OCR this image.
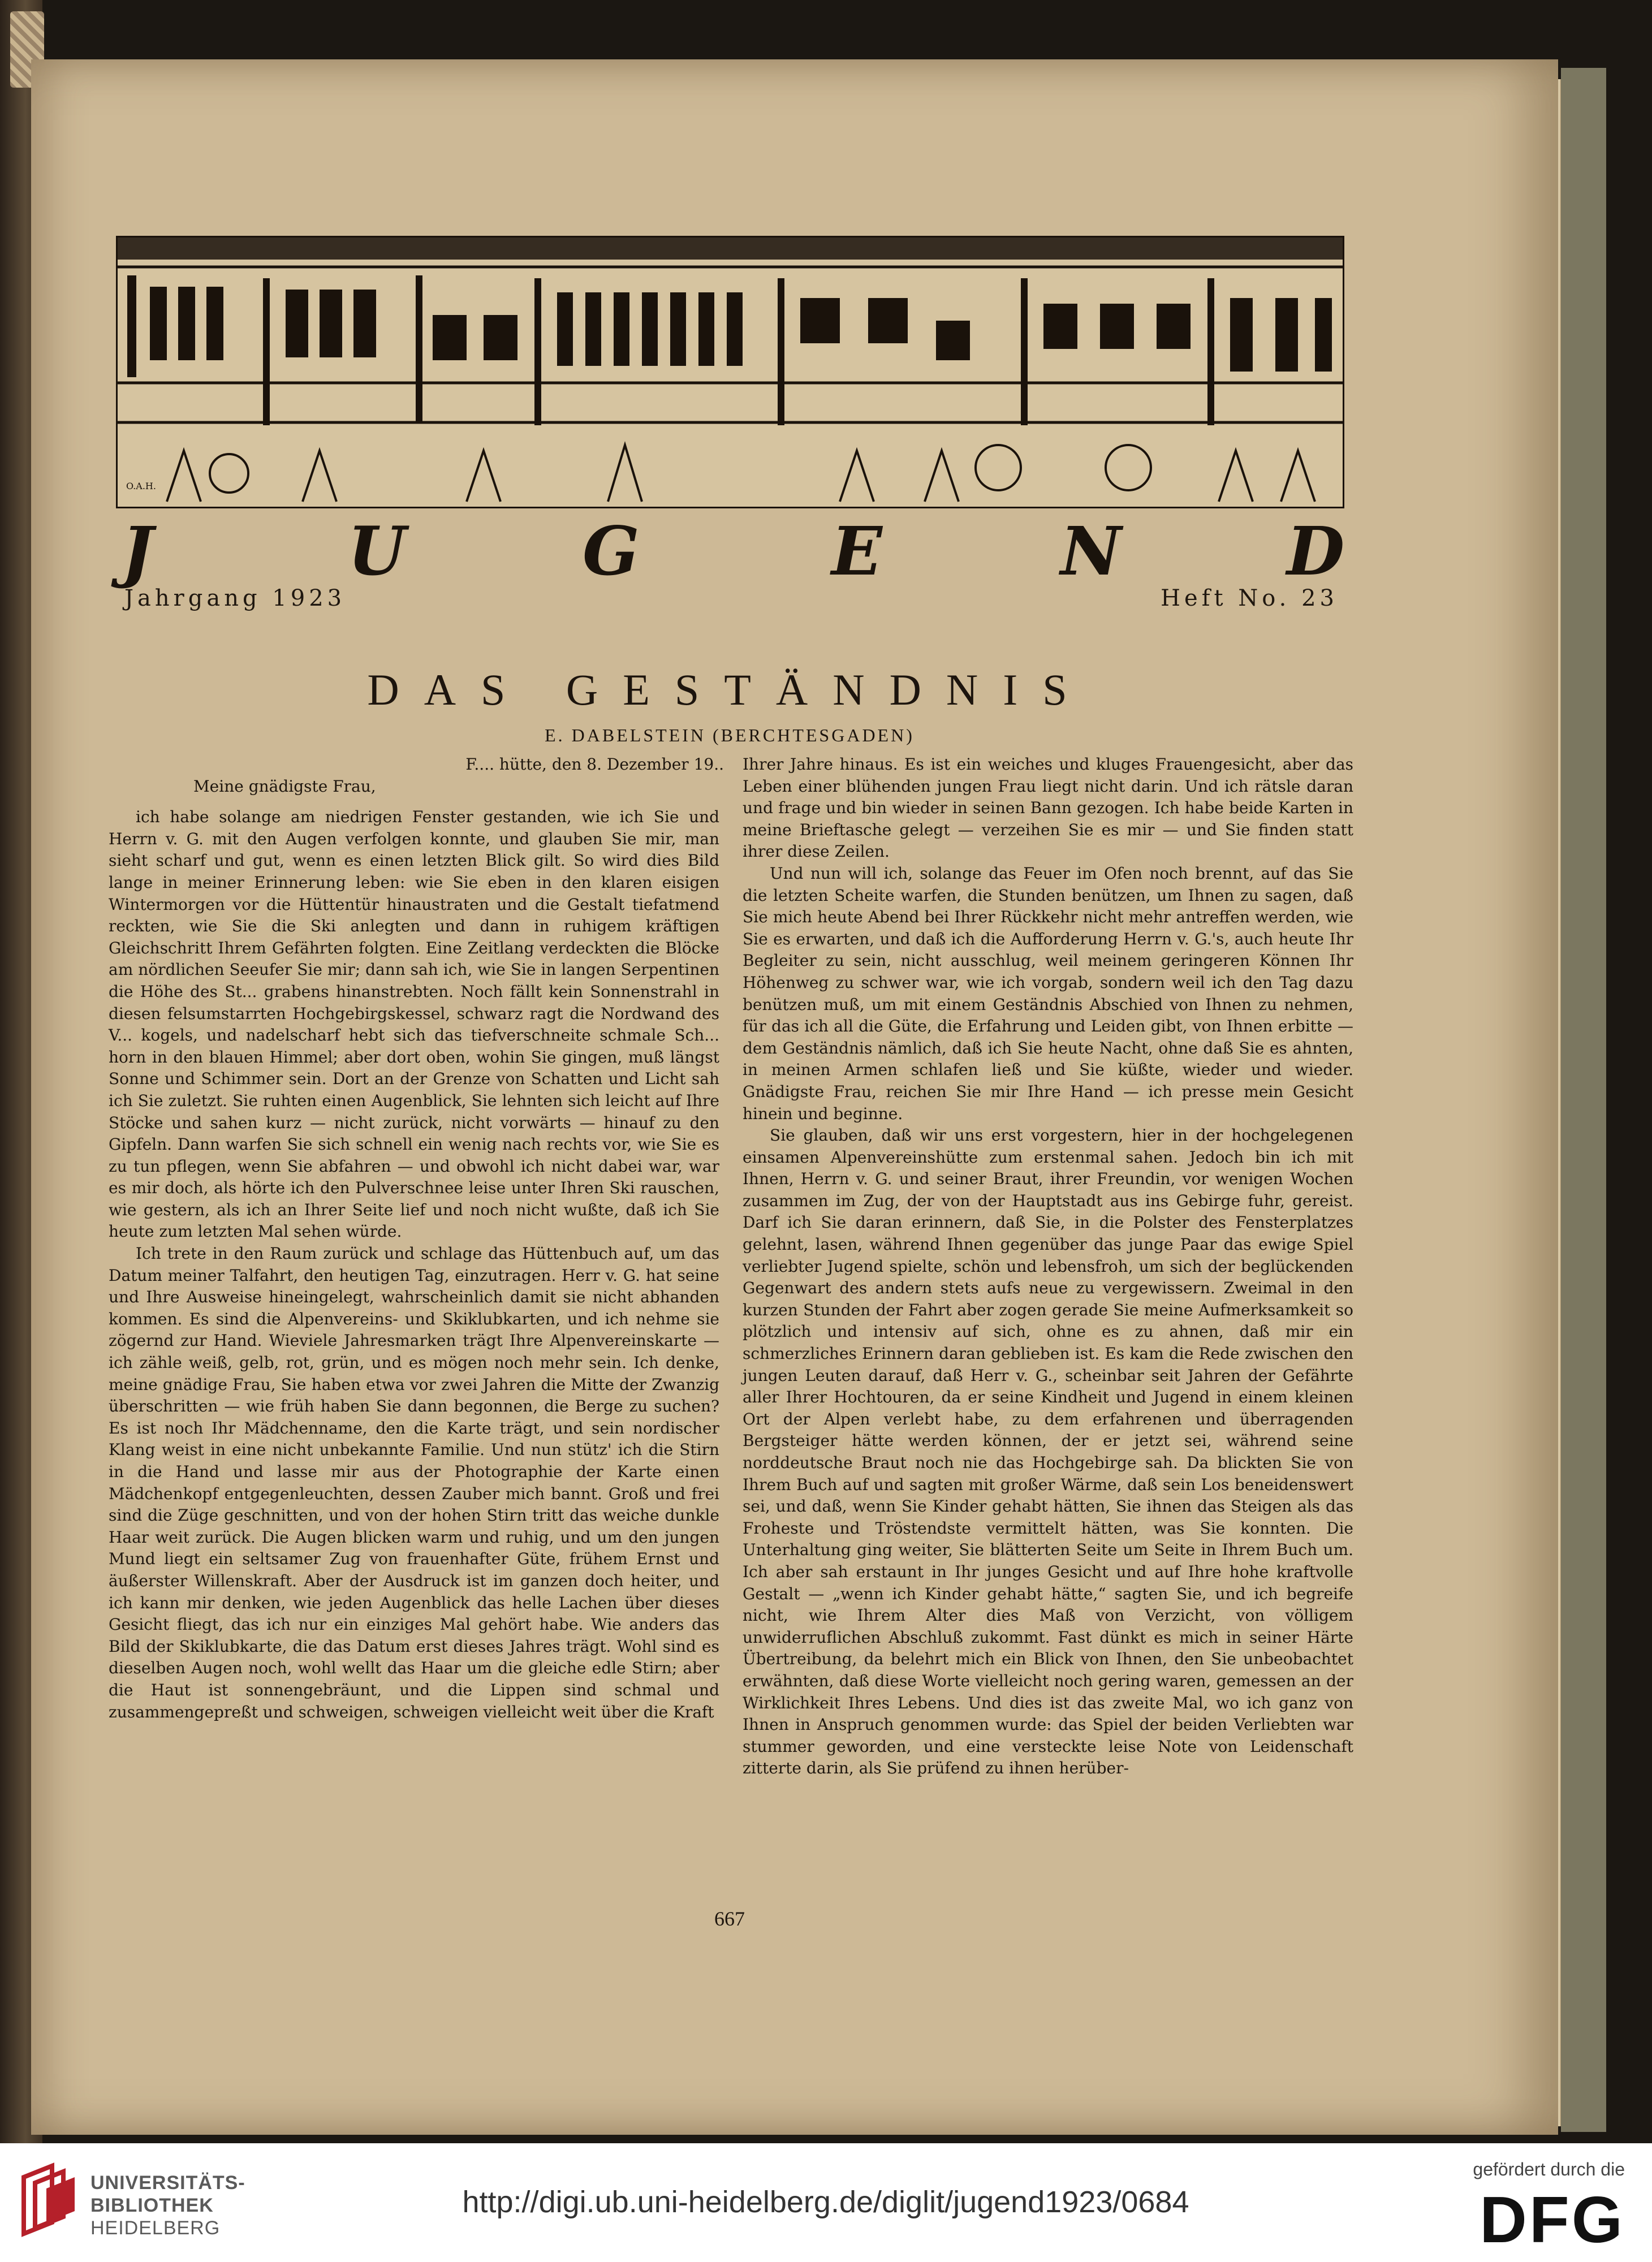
O.A.H.
J	U	G	E	N D
Jahrgang 1923	Heft No. 23
DAS GESTÄNDNIS
E. DABELSTEIN (BERCHTESGADEN)

F.... hütte, den 8. Dezember 19..

Meine gnädigste Frau,

ich habe solange am niedrigen Fenster gestanden, wie ich Sie und Herrn v. G. mit den Augen verfolgen konnte, und glauben Sie mir, man sieht scharf und gut, wenn es einen letzten Blick gilt. So wird dies Bild lange in meiner Erinnerung leben: wie Sie eben in den klaren eisigen Wintermorgen vor die Hüttentür hinaustraten und die Gestalt tiefatmend reckten, wie Sie die Ski anlegten und dann in ruhigem kräftigen Gleichschritt Ihrem Gefährten folgten. Eine Zeitlang verdeckten die Blöcke am nördlichen Seeufer Sie mir; dann sah ich, wie Sie in langen Serpentinen die Höhe des St... grabens hinanstrebten. Noch fällt kein Sonnenstrahl in diesen felsumstarrten Hochgebirgskessel, schwarz ragt die Nordwand des V... kogels, und nadelscharf hebt sich das tiefverschneite schmale Sch... horn in den blauen Himmel; aber dort oben, wohin Sie gingen, muß längst Sonne und Schimmer sein. Dort an der Grenze von Schatten und Licht sah ich Sie zuletzt. Sie ruhten einen Augenblick, Sie lehnten sich leicht auf Ihre Stöcke und sahen kurz — nicht zurück, nicht vorwärts — hinauf zu den Gipfeln. Dann warfen Sie sich schnell ein wenig nach rechts vor, wie Sie es zu tun pflegen, wenn Sie abfahren — und obwohl ich nicht dabei war, war es mir doch, als hörte ich den Pulverschnee leise unter Ihren Ski rauschen, wie gestern, als ich an Ihrer Seite lief und noch nicht wußte, daß ich Sie heute zum letzten Mal sehen würde.

Ich trete in den Raum zurück und schlage das Hüttenbuch auf, um das Datum meiner Talfahrt, den heutigen Tag, einzutragen. Herr v. G. hat seine und Ihre Ausweise hineingelegt, wahrscheinlich damit sie nicht abhanden kommen. Es sind die Alpenvereins- und Skiklubkarten, und ich nehme sie zögernd zur Hand. Wieviele Jahresmarken trägt Ihre Alpenvereinskarte — ich zähle weiß, gelb, rot, grün, und es mögen noch mehr sein. Ich denke, meine gnädige Frau, Sie haben etwa vor zwei Jahren die Mitte der Zwanzig überschritten — wie früh haben Sie dann begonnen, die Berge zu suchen? Es ist noch Ihr Mädchenname, den die Karte trägt, und sein nordischer Klang weist in eine nicht unbekannte Familie. Und nun stütz' ich die Stirn in die Hand und lasse mir aus der Photographie der Karte einen Mädchenkopf entgegenleuchten, dessen Zauber mich bannt. Groß und frei sind die Züge geschnitten, und von der hohen Stirn tritt das weiche dunkle Haar weit zurück. Die Augen blicken warm und ruhig, und um den jungen Mund liegt ein seltsamer Zug von frauenhafter Güte, frühem Ernst und äußerster Willenskraft. Aber der Ausdruck ist im ganzen doch heiter, und ich kann mir denken, wie jeden Augenblick das helle Lachen über dieses Gesicht fliegt, das ich nur ein einziges Mal gehört habe. Wie anders das Bild der Skiklubkarte, die das Datum erst dieses Jahres trägt. Wohl sind es dieselben Augen noch, wohl wellt das Haar um die gleiche edle Stirn; aber die Haut ist sonnengebräunt, und die Lippen sind schmal und zusammengepreßt und schweigen, schweigen vielleicht weit über die Kraft

Ihrer Jahre hinaus. Es ist ein weiches und kluges Frauengesicht, aber das Leben einer blühenden jungen Frau liegt nicht darin. Und ich rätsle daran und frage und bin wieder in seinen Bann gezogen. Ich habe beide Karten in meine Brieftasche gelegt — verzeihen Sie es mir — und Sie finden statt ihrer diese Zeilen.

Und nun will ich, solange das Feuer im Ofen noch brennt, auf das Sie die letzten Scheite warfen, die Stunden benützen, um Ihnen zu sagen, daß Sie mich heute Abend bei Ihrer Rückkehr nicht mehr antreffen werden, wie Sie es erwarten, und daß ich die Aufforderung Herrn v. G.'s, auch heute Ihr Begleiter zu sein, nicht ausschlug, weil meinem geringeren Können Ihr Höhenweg zu schwer war, wie ich vorgab, sondern weil ich den Tag dazu benützen muß, um mit einem Geständnis Abschied von Ihnen zu nehmen, für das ich all die Güte, die Erfahrung und Leiden gibt, von Ihnen erbitte — dem Geständnis nämlich, daß ich Sie heute Nacht, ohne daß Sie es ahnten, in meinen Armen schlafen ließ und Sie küßte, wieder und wieder. Gnädigste Frau, reichen Sie mir Ihre Hand — ich presse mein Gesicht hinein und beginne.

Sie glauben, daß wir uns erst vorgestern, hier in der hochgelegenen einsamen Alpenvereinshütte zum erstenmal sahen. Jedoch bin ich mit Ihnen, Herrn v. G. und seiner Braut, ihrer Freundin, vor wenigen Wochen zusammen im Zug, der von der Hauptstadt aus ins Gebirge fuhr, gereist. Darf ich Sie daran erinnern, daß Sie, in die Polster des Fensterplatzes gelehnt, lasen, während Ihnen gegenüber das junge Paar das ewige Spiel verliebter Jugend spielte, schön und lebensfroh, um sich der beglückenden Gegenwart des andern stets aufs neue zu vergewissern. Zweimal in den kurzen Stunden der Fahrt aber zogen gerade Sie meine Aufmerksamkeit so plötzlich und intensiv auf sich, ohne es zu ahnen, daß mir ein schmerzliches Erinnern daran geblieben ist. Es kam die Rede zwischen den jungen Leuten darauf, daß Herr v. G., scheinbar seit Jahren der Gefährte aller Ihrer Hochtouren, da er seine Kindheit und Jugend in einem kleinen Ort der Alpen verlebt habe, zu dem erfahrenen und überragenden Bergsteiger hätte werden können, der er jetzt sei, während seine norddeutsche Braut noch nie das Hochgebirge sah. Da blickten Sie von Ihrem Buch auf und sagten mit großer Wärme, daß sein Los beneidenswert sei, und daß, wenn Sie Kinder gehabt hätten, Sie ihnen das Steigen als das Froheste und Tröstendste vermittelt hätten, was Sie konnten. Die Unterhaltung ging weiter, Sie blätterten Seite um Seite in Ihrem Buch um. Ich aber sah erstaunt in Ihr junges Gesicht und auf Ihre hohe kraftvolle Gestalt — „wenn ich Kinder gehabt hätte,“ sagten Sie, und ich begreife nicht, wie Ihrem Alter dies Maß von Verzicht, von völligem unwiderruflichen Abschluß zukommt. Fast dünkt es mich in seiner Härte Übertreibung, da belehrt mich ein Blick von Ihnen, den Sie unbeobachtet erwähnten, daß diese Worte vielleicht noch gering waren, gemessen an der Wirklichkeit Ihres Lebens. Und dies ist das zweite Mal, wo ich ganz von Ihnen in Anspruch genommen wurde: das Spiel der beiden Verliebten war stummer geworden, und eine versteckte leise Note von Leidenschaft zitterte darin, als Sie prüfend zu ihnen herüber-

667
UNIVERSITÄTS-
BIBLIOTHEK
HEIDELBERG
http://digi.ub.uni-heidelberg.de/diglit/jugend1923/0684
gefördert durch die
DFG
